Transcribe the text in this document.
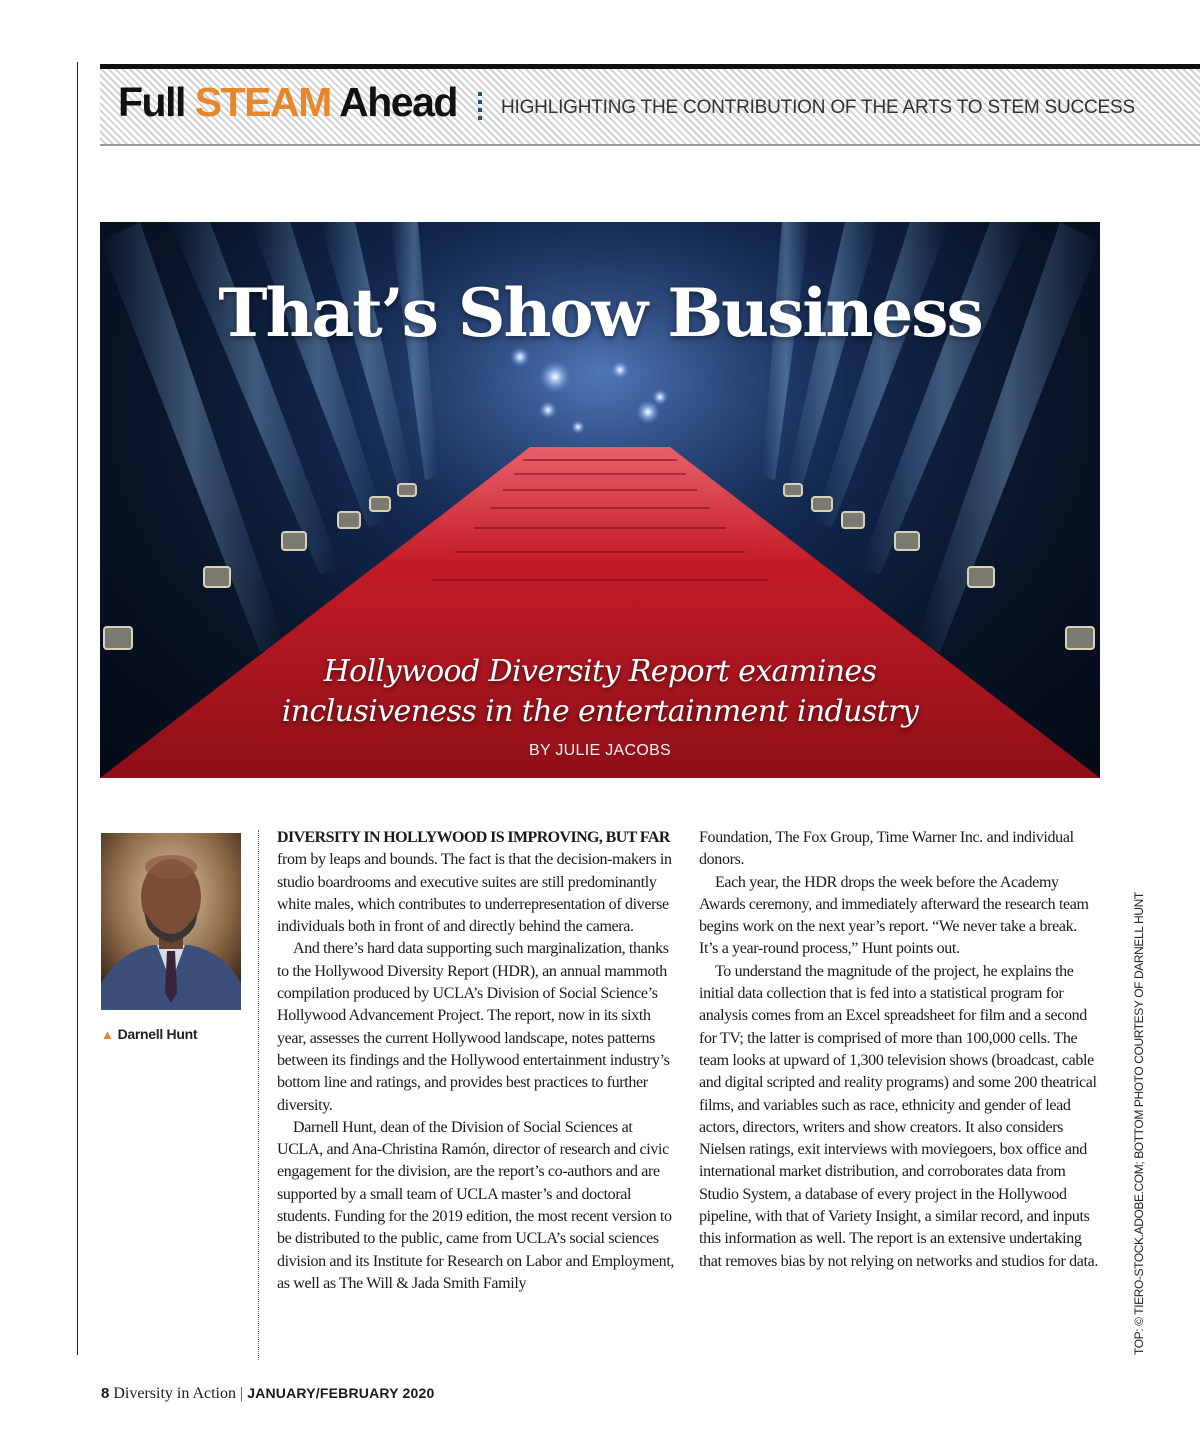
Full STEAM Ahead HIGHLIGHTING THE CONTRIBUTION OF THE ARTS TO STEM SUCCESS
That’s Show Business
Hollywood Diversity Report examines
inclusiveness in the entertainment industry
BY JULIE JACOBS
▲ Darnell Hunt

DIVERSITY IN HOLLYWOOD IS IMPROVING, BUT FAR from by leaps and bounds. The fact is that the decision-makers in studio boardrooms and executive suites are still predominantly white males, which contributes to underrepresentation of diverse individuals both in front of and directly behind the camera.

And there’s hard data supporting such marginalization, thanks to the Hollywood Diversity Report (HDR), an annual mammoth compilation produced by UCLA’s Division of Social Science’s Hollywood Advancement Project. The report, now in its sixth year, assesses the current Hollywood landscape, notes patterns between its findings and the Hollywood entertainment industry’s bottom line and ratings, and provides best practices to further diversity.

Darnell Hunt, dean of the Division of Social Sciences at UCLA, and Ana-Christina Ramón, director of research and civic engagement for the division, are the report’s co-authors and are supported by a small team of UCLA master’s and doctoral students. Funding for the 2019 edition, the most recent version to be distributed to the public, came from UCLA’s social sciences division and its Institute for Research on Labor and Employment, as well as The Will & Jada Smith Family

Foundation, The Fox Group, Time Warner Inc. and individual donors.

Each year, the HDR drops the week before the Academy Awards ceremony, and immediately afterward the research team begins work on the next year’s report. “We never take a break. It’s a year-round process,” Hunt points out.

To understand the magnitude of the project, he explains the initial data collection that is fed into a statistical program for analysis comes from an Excel spreadsheet for film and a second for TV; the latter is comprised of more than 100,000 cells. The team looks at upward of 1,300 television shows (broadcast, cable and digital scripted and reality programs) and some 200 theatrical films, and variables such as race, ethnicity and gender of lead actors, directors, writers and show creators. It also considers Nielsen ratings, exit interviews with moviegoers, box office and international market distribution, and corroborates data from Studio System, a database of every project in the Hollywood pipeline, with that of Variety Insight, a similar record, and inputs this information as well. The report is an extensive undertaking that removes bias by not relying on networks and studios for data.	TOP: © TIERO-STOCK.ADOBE.COM; BOTTOM PHOTO COURTESY OF DARNELL HUNT
8 Diversity in Action | JANUARY/FEBRUARY 2020
